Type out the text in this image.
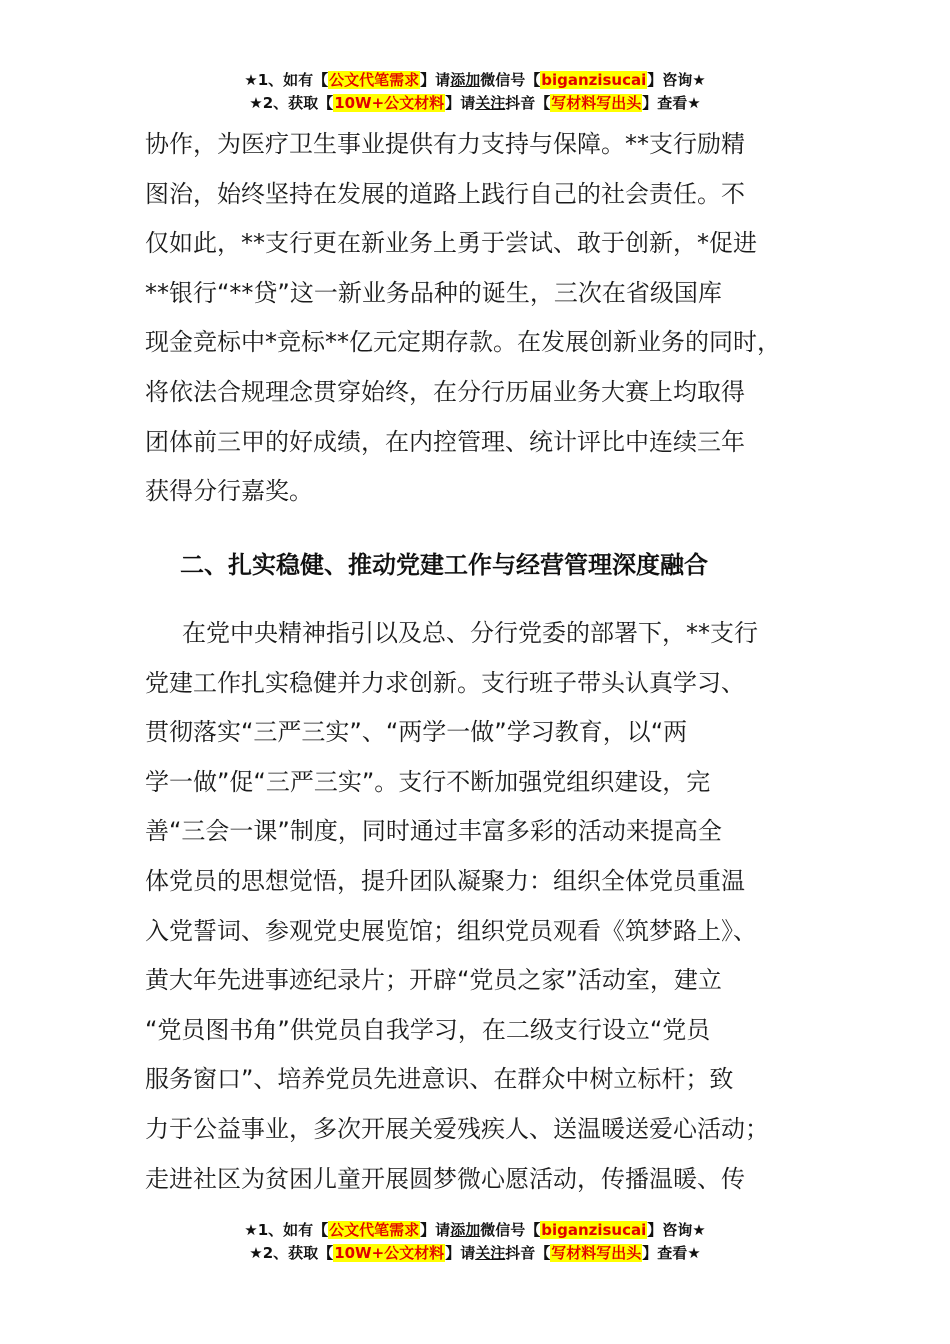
★1、如有【公文代笔需求】请添加微信号【biganzisucai】咨询★
★2、获取【10W+公文材料】请关注抖音【写材料写出头】查看★
协作，为医疗卫生事业提供有力支持与保障。**支行励精
图治，始终坚持在发展的道路上践行自己的社会责任。不
仅如此，**支行更在新业务上勇于尝试、敢于创新，*促进
**银行“**贷”这一新业务品种的诞生，三次在省级国库
现金竞标中*竞标**亿元定期存款。在发展创新业务的同时，
将依法合规理念贯穿始终，在分行历届业务大赛上均取得
团体前三甲的好成绩，在内控管理、统计评比中连续三年
获得分行嘉奖。
二、扎实稳健、推动党建工作与经营管理深度融合
在党中央精神指引以及总、分行党委的部署下，**支行
党建工作扎实稳健并力求创新。支行班子带头认真学习、
贯彻落实“三严三实”、“两学一做”学习教育，以“两
学一做”促“三严三实”。支行不断加强党组织建设，完
善“三会一课”制度，同时通过丰富多彩的活动来提高全
体党员的思想觉悟，提升团队凝聚力：组织全体党员重温
入党誓词、参观党史展览馆；组织党员观看《筑梦路上》、
黄大年先进事迹纪录片；开辟“党员之家”活动室，建立
“党员图书角”供党员自我学习，在二级支行设立“党员
服务窗口”、培养党员先进意识、在群众中树立标杆；致
力于公益事业，多次开展关爱残疾人、送温暖送爱心活动；
走进社区为贫困儿童开展圆梦微心愿活动，传播温暖、传
★1、如有【公文代笔需求】请添加微信号【biganzisucai】咨询★
★2、获取【10W+公文材料】请关注抖音【写材料写出头】查看★
